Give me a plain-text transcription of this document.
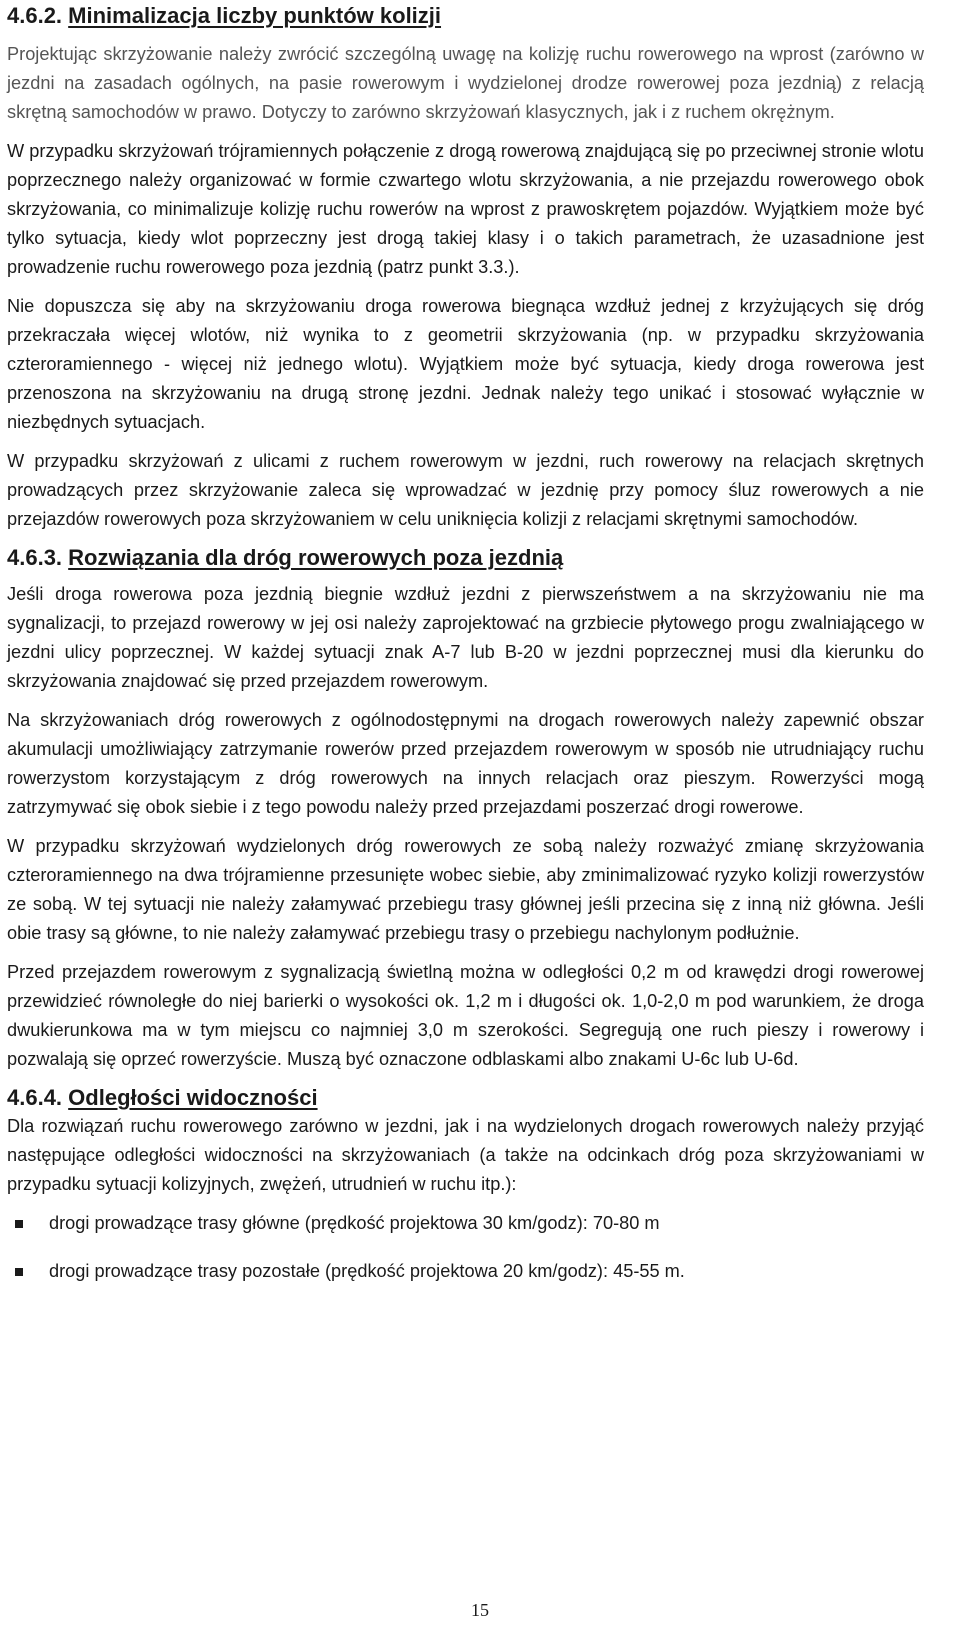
4.6.2. Minimalizacja liczby punktów kolizji

Projektując skrzyżowanie należy zwrócić szczególną uwagę na kolizję ruchu rowerowego na wprost (zarówno w jezdni na zasadach ogólnych, na pasie rowerowym i wydzielonej drodze rowerowej poza jezdnią) z relacją skrętną samochodów w prawo. Dotyczy to zarówno skrzyżowań klasycznych, jak i z ruchem okrężnym.

W przypadku skrzyżowań trójramiennych połączenie z drogą rowerową znajdującą się po przeciwnej stronie wlotu poprzecznego należy organizować w formie czwartego wlotu skrzyżowania, a nie przejazdu rowerowego obok skrzyżowania, co minimalizuje kolizję ruchu rowerów na wprost z prawoskrętem pojazdów. Wyjątkiem może być tylko sytuacja, kiedy wlot poprzeczny jest drogą takiej klasy i o takich parametrach, że uzasadnione jest prowadzenie ruchu rowerowego poza jezdnią (patrz punkt 3.3.).

Nie dopuszcza się aby na skrzyżowaniu droga rowerowa biegnąca wzdłuż jednej z krzyżujących się dróg przekraczała więcej wlotów, niż wynika to z geometrii skrzyżowania (np. w przypadku skrzyżowania czteroramiennego - więcej niż jednego wlotu). Wyjątkiem może być sytuacja, kiedy droga rowerowa jest przenoszona na skrzyżowaniu na drugą stronę jezdni. Jednak należy tego unikać i stosować wyłącznie w niezbędnych sytuacjach.

W przypadku skrzyżowań z ulicami z ruchem rowerowym w jezdni, ruch rowerowy na relacjach skrętnych prowadzących przez skrzyżowanie zaleca się wprowadzać w jezdnię przy pomocy śluz rowerowych a nie przejazdów rowerowych poza skrzyżowaniem w celu uniknięcia kolizji z relacjami skrętnymi samochodów.

4.6.3. Rozwiązania dla dróg rowerowych poza jezdnią

Jeśli droga rowerowa poza jezdnią biegnie wzdłuż jezdni z pierwszeństwem a na skrzyżowaniu nie ma sygnalizacji, to przejazd rowerowy w jej osi należy zaprojektować na grzbiecie płytowego progu zwalniającego w jezdni ulicy poprzecznej. W każdej sytuacji znak A-7 lub B-20 w jezdni poprzecznej musi dla kierunku do skrzyżowania znajdować się przed przejazdem rowerowym.

Na skrzyżowaniach dróg rowerowych z ogólnodostępnymi na drogach rowerowych należy zapewnić obszar akumulacji umożliwiający zatrzymanie rowerów przed przejazdem rowerowym w sposób nie utrudniający ruchu rowerzystom korzystającym z dróg rowerowych na innych relacjach oraz pieszym. Rowerzyści mogą zatrzymywać się obok siebie i z tego powodu należy przed przejazdami poszerzać drogi rowerowe.

W przypadku skrzyżowań wydzielonych dróg rowerowych ze sobą należy rozważyć zmianę skrzyżowania czteroramiennego na dwa trójramienne przesunięte wobec siebie, aby zminimalizować ryzyko kolizji rowerzystów ze sobą. W tej sytuacji nie należy załamywać przebiegu trasy głównej jeśli przecina się z inną niż główna. Jeśli obie trasy są główne, to nie należy załamywać przebiegu trasy o przebiegu nachylonym podłużnie.

Przed przejazdem rowerowym z sygnalizacją świetlną można w odległości 0,2 m od krawędzi drogi rowerowej przewidzieć równoległe do niej barierki o wysokości ok. 1,2 m i długości ok. 1,0-2,0 m pod warunkiem, że droga dwukierunkowa ma w tym miejscu co najmniej 3,0 m szerokości. Segregują one ruch pieszy i rowerowy i pozwalają się oprzeć rowerzyście. Muszą być oznaczone odblaskami albo znakami U-6c lub U-6d.

4.6.4. Odległości widoczności

Dla rozwiązań ruchu rowerowego zarówno w jezdni, jak i na wydzielonych drogach rowerowych należy przyjąć następujące odległości widoczności na skrzyżowaniach (a także na odcinkach dróg poza skrzyżowaniami w przypadku sytuacji kolizyjnych, zwężeń, utrudnień w ruchu itp.):

drogi prowadzące trasy główne (prędkość projektowa 30 km/godz): 70-80 m
drogi prowadzące trasy pozostałe (prędkość projektowa 20 km/godz): 45-55 m.
15
